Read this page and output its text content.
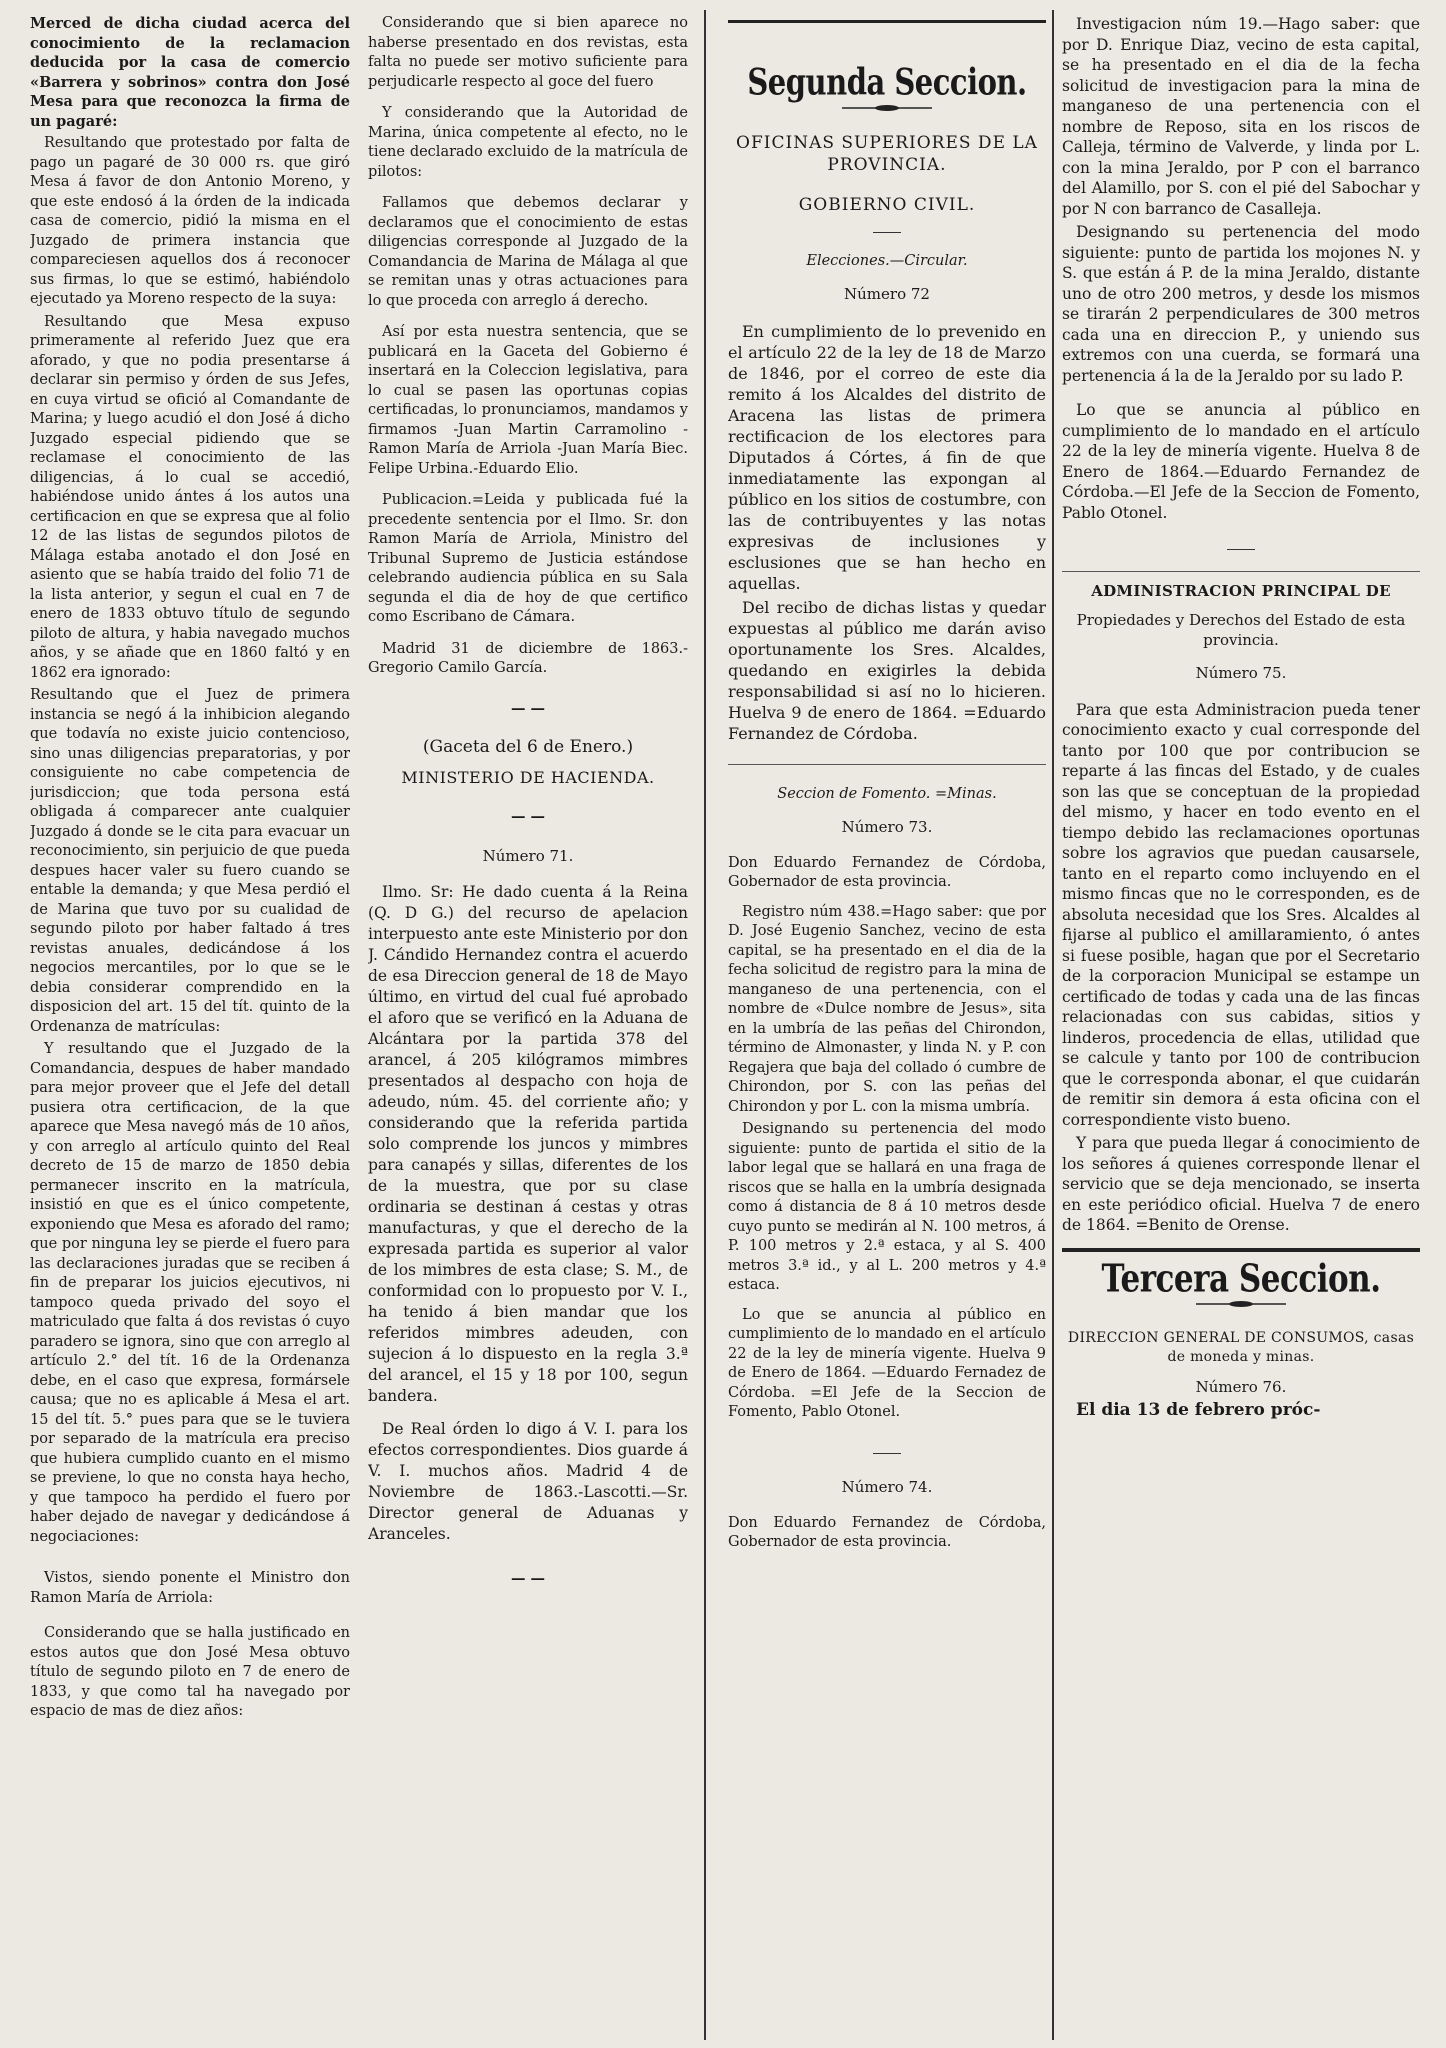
Merced de dicha ciudad acerca del conocimiento de la reclamacion deducida por la casa de comercio «Barrera y sobrinos» contra don José Mesa para que reconozca la firma de un pagaré:

Resultando que protestado por falta de pago un pagaré de 30 000 rs. que giró Mesa á favor de don Antonio Moreno, y que este endosó á la órden de la indicada casa de comercio, pidió la misma en el Juzgado de primera instancia que compareciesen aquellos dos á reconocer sus firmas, lo que se estimó, habiéndolo ejecutado ya Moreno respecto de la suya:

Resultando que Mesa expuso primeramente al referido Juez que era aforado, y que no podia presentarse á declarar sin permiso y órden de sus Jefes, en cuya virtud se ofició al Comandante de Marina; y luego acudió el don José á dicho Juzgado especial pidiendo que se reclamase el conocimiento de las diligencias, á lo cual se accedió, habiéndose unido ántes á los autos una certificacion en que se expresa que al folio 12 de las listas de segundos pilotos de Málaga estaba anotado el don José en asiento que se había traido del folio 71 de la lista anterior, y segun el cual en 7 de enero de 1833 obtuvo título de segundo piloto de altura, y habia navegado muchos años, y se añade que en 1860 faltó y en 1862 era ignorado:

Resultando que el Juez de primera instancia se negó á la inhibicion alegando que todavía no existe juicio contencioso, sino unas diligencias preparatorias, y por consiguiente no cabe competencia de jurisdiccion; que toda persona está obligada á comparecer ante cualquier Juzgado á donde se le cita para evacuar un reconocimiento, sin perjuicio de que pueda despues hacer valer su fuero cuando se entable la demanda; y que Mesa perdió el de Marina que tuvo por su cualidad de segundo piloto por haber faltado á tres revistas anuales, dedicándose á los negocios mercantiles, por lo que se le debia considerar comprendido en la disposicion del art. 15 del tít. quinto de la Ordenanza de matrículas:

Y resultando que el Juzgado de la Comandancia, despues de haber mandado para mejor proveer que el Jefe del detall pusiera otra certificacion, de la que aparece que Mesa navegó más de 10 años, y con arreglo al artículo quinto del Real decreto de 15 de marzo de 1850 debia permanecer inscrito en la matrícula, insistió en que es el único competente, exponiendo que Mesa es aforado del ramo; que por ninguna ley se pierde el fuero para las declaraciones juradas que se reciben á fin de preparar los juicios ejecutivos, ni tampoco queda privado del soyo el matriculado que falta á dos revistas ó cuyo paradero se ignora, sino que con arreglo al artículo 2.° del tít. 16 de la Ordenanza debe, en el caso que expresa, formársele causa; que no es aplicable á Mesa el art. 15 del tít. 5.° pues para que se le tuviera por separado de la matrícula era preciso que hubiera cumplido cuanto en el mismo se previene, lo que no consta haya hecho, y que tampoco ha perdido el fuero por haber dejado de navegar y dedicándose á negociaciones:

Vistos, siendo ponente el Ministro don Ramon María de Arriola:

Considerando que se halla justificado en estos autos que don José Mesa obtuvo título de segundo piloto en 7 de enero de 1833, y que como tal ha navegado por espacio de mas de diez años:

Considerando que si bien aparece no haberse presentado en dos revistas, esta falta no puede ser motivo suficiente para perjudicarle respecto al goce del fuero

Y considerando que la Autoridad de Marina, única competente al efecto, no le tiene declarado excluido de la matrícula de pilotos:

Fallamos que debemos declarar y declaramos que el conocimiento de estas diligencias corresponde al Juzgado de la Comandancia de Marina de Málaga al que se remitan unas y otras actuaciones para lo que proceda con arreglo á derecho.

Así por esta nuestra sentencia, que se publicará en la Gaceta del Gobierno é insertará en la Coleccion legislativa, para lo cual se pasen las oportunas copias certificadas, lo pronunciamos, mandamos y firmamos -Juan Martin Carramolino - Ramon María de Arriola -Juan María Biec. Felipe Urbina.-Eduardo Elio.

Publicacion.=Leida y publicada fué la precedente sentencia por el Ilmo. Sr. don Ramon María de Arriola, Ministro del Tribunal Supremo de Justicia estándose celebrando audiencia pública en su Sala segunda el dia de hoy de que certifico como Escribano de Cámara.

Madrid 31 de diciembre de 1863.-Gregorio Camilo García.

— —
(Gaceta del 6 de Enero.)
MINISTERIO DE HACIENDA.
— —
Número 71.

Ilmo. Sr: He dado cuenta á la Reina (Q. D G.) del recurso de apelacion interpuesto ante este Ministerio por don J. Cándido Hernandez contra el acuerdo de esa Direccion general de 18 de Mayo último, en virtud del cual fué aprobado el aforo que se verificó en la Aduana de Alcántara por la partida 378 del arancel, á 205 kilógramos mimbres presentados al despacho con hoja de adeudo, núm. 45. del corriente año; y considerando que la referida partida solo comprende los juncos y mimbres para canapés y sillas, diferentes de los de la muestra, que por su clase ordinaria se destinan á cestas y otras manufacturas, y que el derecho de la expresada partida es superior al valor de los mimbres de esta clase; S. M., de conformidad con lo propuesto por V. I., ha tenido á bien mandar que los referidos mimbres adeuden, con sujecion á lo dispuesto en la regla 3.ª del arancel, el 15 y 18 por 100, segun bandera.

De Real órden lo digo á V. I. para los efectos correspondientes. Dios guarde á V. I. muchos años. Madrid 4 de Noviembre de 1863.-Lascotti.—Sr. Director general de Aduanas y Aranceles.

— —
Segunda Seccion.
OFICINAS SUPERIORES DE LA PROVINCIA.
GOBIERNO CIVIL.
Elecciones.—Circular.
Número 72

En cumplimiento de lo prevenido en el artículo 22 de la ley de 18 de Marzo de 1846, por el correo de este dia remito á los Alcaldes del distrito de Aracena las listas de primera rectificacion de los electores para Diputados á Córtes, á fin de que inmediatamente las expongan al público en los sitios de costumbre, con las de contribuyentes y las notas expresivas de inclusiones y esclusiones que se han hecho en aquellas.

Del recibo de dichas listas y quedar expuestas al público me darán aviso oportunamente los Sres. Alcaldes, quedando en exigirles la debida responsabilidad si así no lo hicieren. Huelva 9 de enero de 1864. =Eduardo Fernandez de Córdoba.

Seccion de Fomento. =Minas.
Número 73.

Don Eduardo Fernandez de Córdoba, Gobernador de esta provincia.

Registro núm 438.=Hago saber: que por D. José Eugenio Sanchez, vecino de esta capital, se ha presentado en el dia de la fecha solicitud de registro para la mina de manganeso de una pertenencia, con el nombre de «Dulce nombre de Jesus», sita en la umbría de las peñas del Chirondon, término de Almonaster, y linda N. y P. con Regajera que baja del collado ó cumbre de Chirondon, por S. con las peñas del Chirondon y por L. con la misma umbría.

Designando su pertenencia del modo siguiente: punto de partida el sitio de la labor legal que se hallará en una fraga de riscos que se halla en la umbría designada como á distancia de 8 á 10 metros desde cuyo punto se medirán al N. 100 metros, á P. 100 metros y 2.ª estaca, y al S. 400 metros 3.ª id., y al L. 200 metros y 4.ª estaca.

Lo que se anuncia al público en cumplimiento de lo mandado en el artículo 22 de la ley de minería vigente. Huelva 9 de Enero de 1864. —Eduardo Fernadez de Córdoba. =El Jefe de la Seccion de Fomento, Pablo Otonel.

Número 74.

Don Eduardo Fernandez de Córdoba, Gobernador de esta provincia.

Investigacion núm 19.—Hago saber: que por D. Enrique Diaz, vecino de esta capital, se ha presentado en el dia de la fecha solicitud de investigacion para la mina de manganeso de una pertenencia con el nombre de Reposo, sita en los riscos de Calleja, término de Valverde, y linda por L. con la mina Jeraldo, por P con el barranco del Alamillo, por S. con el pié del Sabochar y por N con barranco de Casalleja.

Designando su pertenencia del modo siguiente: punto de partida los mojones N. y S. que están á P. de la mina Jeraldo, distante uno de otro 200 metros, y desde los mismos se tirarán 2 perpendiculares de 300 metros cada una en direccion P., y uniendo sus extremos con una cuerda, se formará una pertenencia á la de la Jeraldo por su lado P.

Lo que se anuncia al público en cumplimiento de lo mandado en el artículo 22 de la ley de minería vigente. Huelva 8 de Enero de 1864.—Eduardo Fernandez de Córdoba.—El Jefe de la Seccion de Fomento, Pablo Otonel.

ADMINISTRACION PRINCIPAL DE
Propiedades y Derechos del Estado de esta provincia.
Número 75.

Para que esta Administracion pueda tener conocimiento exacto y cual corresponde del tanto por 100 que por contribucion se reparte á las fincas del Estado, y de cuales son las que se conceptuan de la propiedad del mismo, y hacer en todo evento en el tiempo debido las reclamaciones oportunas sobre los agravios que puedan causarsele, tanto en el reparto como incluyendo en el mismo fincas que no le corresponden, es de absoluta necesidad que los Sres. Alcaldes al fijarse al publico el amillaramiento, ó antes si fuese posible, hagan que por el Secretario de la corporacion Municipal se estampe un certificado de todas y cada una de las fincas relacionadas con sus cabidas, sitios y linderos, procedencia de ellas, utilidad que se calcule y tanto por 100 de contribucion que le corresponda abonar, el que cuidarán de remitir sin demora á esta oficina con el correspondiente visto bueno.

Y para que pueda llegar á conocimiento de los señores á quienes corresponde llenar el servicio que se deja mencionado, se inserta en este periódico oficial. Huelva 7 de enero de 1864. =Benito de Orense.

Tercera Seccion.
DIRECCION GENERAL DE CONSUMOS, casas de moneda y minas.
Número 76.

El dia 13 de febrero próc-
